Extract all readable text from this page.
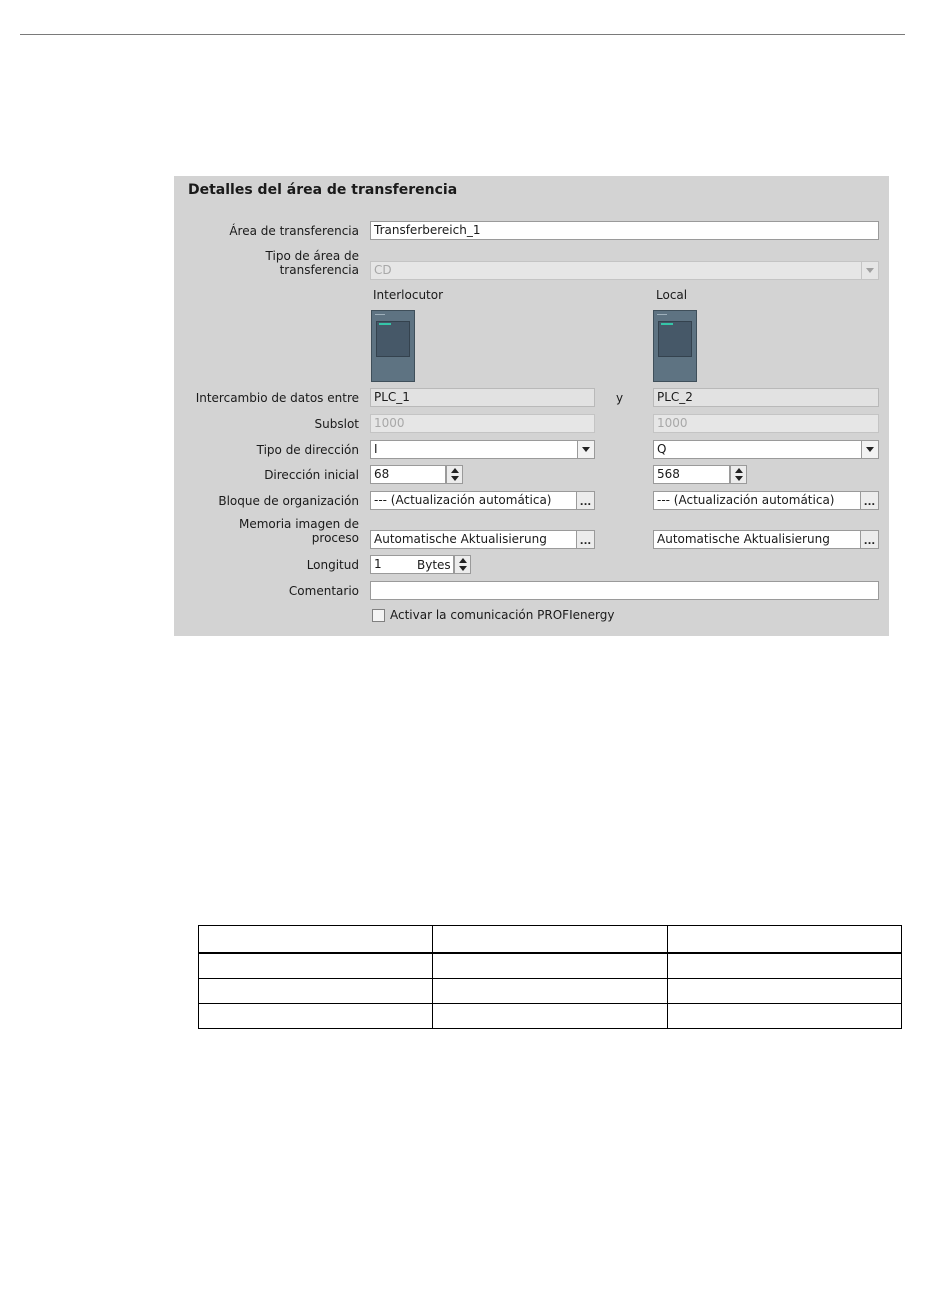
Detalles del área de transferencia
Área de transferencia	Transferbereich_1
Tipo de área de transferencia	CD
Interlocutor	Local
Intercambio de datos entre	PLC_1	y	PLC_2
Subslot	1000	1000
Tipo de dirección	I	Q
Dirección inicial	68	568
Bloque de organización	--- (Actualización automática)	...	--- (Actualización automática)	...
Memoria imagen de proceso	Automatische Aktualisierung	...	Automatische Aktualisierung	...
Longitud	1	Bytes
Comentario
Activar la comunicación PROFIenergy
